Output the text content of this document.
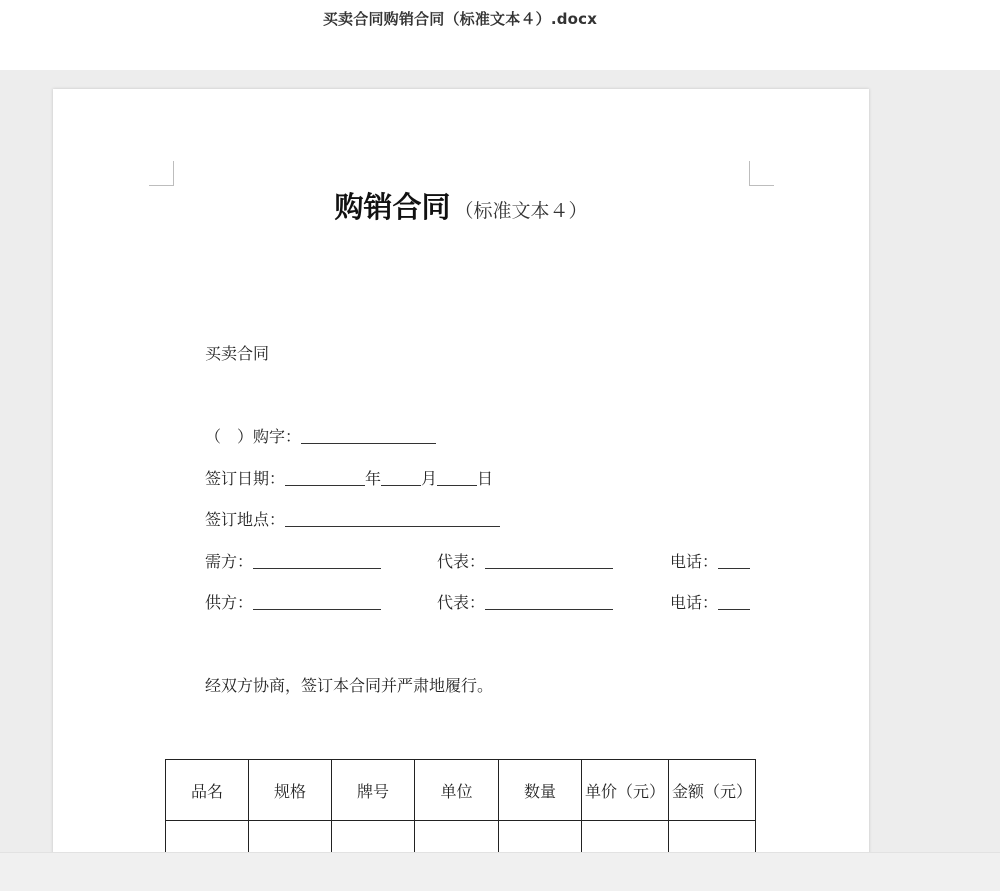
买卖合同购销合同（标准文本４）.docx
购销合同 （标准文本４）
买卖合同
（　）购字：
签订日期：	年	月	日
签订地点：
需方：	代表：	电话：
供方：	代表：	电话：
经双方协商，签订本合同并严肃地履行。
品名	规格	牌号	单位	数量	单价（元）	金额（元）
